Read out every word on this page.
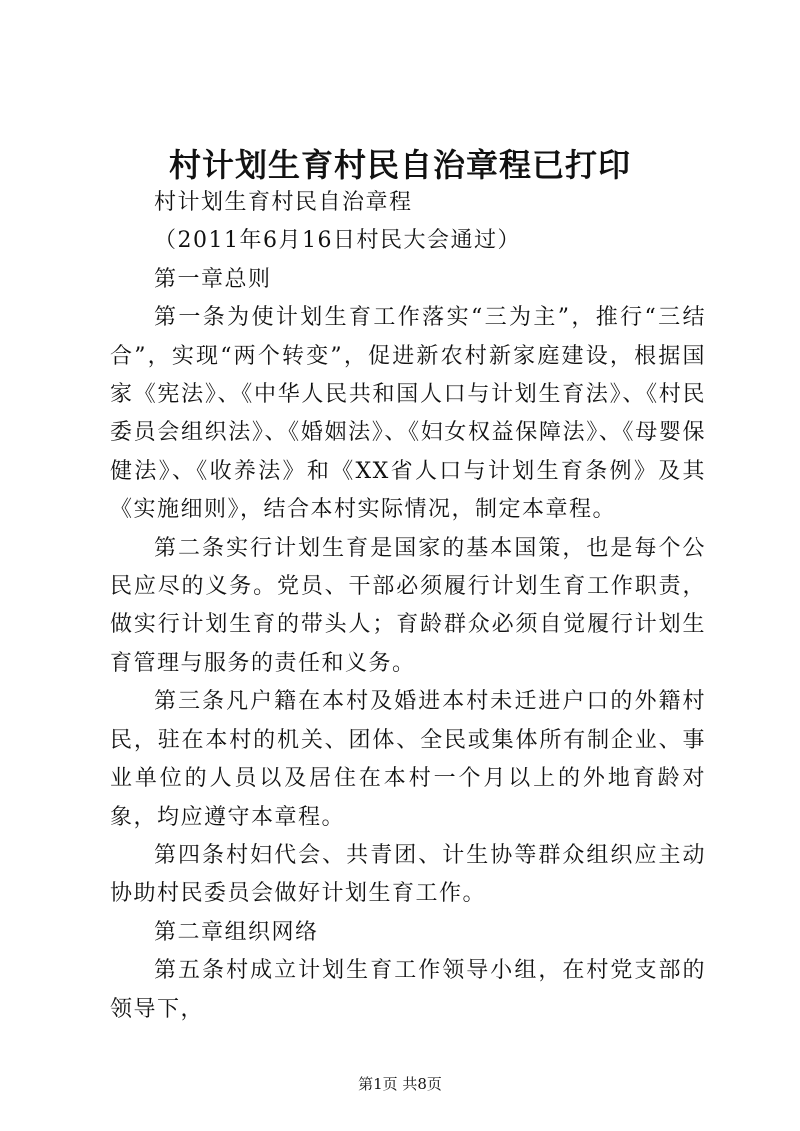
村计划生育村民自治章程已打印

村计划生育村民自治章程

（2011年6月16日村民大会通过）

第一章总则

第一条为使计划生育工作落实“三为主”，推行“三结合”，实现“两个转变”，促进新农村新家庭建设，根据国家《宪法》、《中华人民共和国人口与计划生育法》、《村民委员会组织法》、《婚姻法》、《妇女权益保障法》、《母婴保健法》、《收养法》和《XX省人口与计划生育条例》及其《实施细则》，结合本村实际情况，制定本章程。

第二条实行计划生育是国家的基本国策，也是每个公民应尽的义务。党员、干部必须履行计划生育工作职责，做实行计划生育的带头人；育龄群众必须自觉履行计划生育管理与服务的责任和义务。

第三条凡户籍在本村及婚进本村未迁进户口的外籍村民，驻在本村的机关、团体、全民或集体所有制企业、事业单位的人员以及居住在本村一个月以上的外地育龄对象，均应遵守本章程。

第四条村妇代会、共青团、计生协等群众组织应主动协助村民委员会做好计划生育工作。

第二章组织网络

第五条村成立计划生育工作领导小组，在村党支部的领导下，

第1页 共8页
